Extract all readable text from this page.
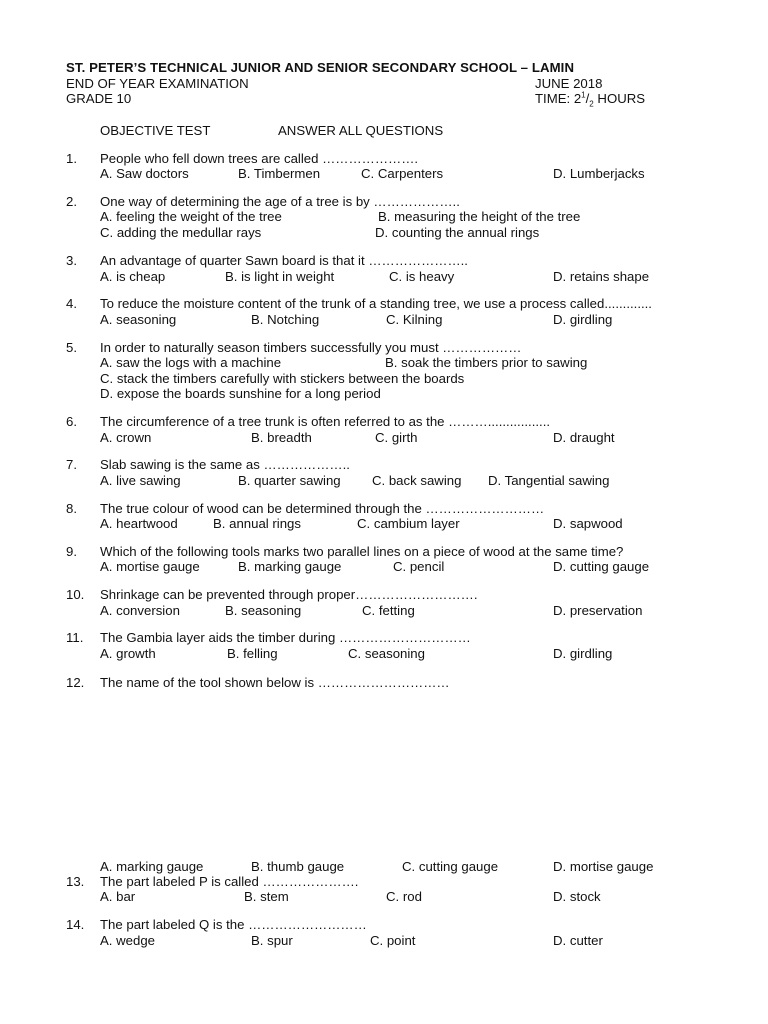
ST. PETER’S TECHNICAL JUNIOR AND SENIOR SECONDARY SCHOOL – LAMIN
END OF YEAR EXAMINATION	JUNE 2018
GRADE 10	TIME: $2^1/_2$ HOURS
OBJECTIVE TEST	ANSWER ALL QUESTIONS
1. People who fell down trees are called ………………….
A. Saw doctors	B. Timbermen	C. Carpenters	D. Lumberjacks
2. One way of determining the age of a tree is by ………………..
A. feeling the weight of the tree	B. measuring the height of the tree
C. adding the medullar rays	D. counting the annual rings
3. An advantage of quarter Sawn board is that it …………………..
A. is cheap	B. is light in weight	C. is heavy	D. retains shape
4. To reduce the moisture content of the trunk of a standing tree, we use a process called.............
A. seasoning	B. Notching	C. Kilning	D. girdling
5. In order to naturally season timbers successfully you must ………………
A. saw the logs with a machine	B. soak the timbers prior to sawing
C. stack the timbers carefully with stickers between the boards
D. expose the boards sunshine for a long period
6. The circumference of a tree trunk is often referred to as the ……….................
A. crown	B. breadth	C. girth	D. draught
7. Slab sawing is the same as ………………..
A. live sawing	B. quarter sawing C. back sawing D. Tangential sawing
8. The true colour of wood can be determined through the ………………………
A. heartwood	B. annual rings	C. cambium layer	D. sapwood
9. Which of the following tools marks two parallel lines on a piece of wood at the same time?
A. mortise gauge	B. marking gauge	C. pencil	D. cutting gauge
10. Shrinkage can be prevented through proper……………………….
A. conversion	B. seasoning	C. fetting	D. preservation
11. The Gambia layer aids the timber during …………………………
A. growth	B. felling	C. seasoning	D. girdling
12. The name of the tool shown below is …………………………
A. marking gauge	B. thumb gauge	C. cutting gauge	D. mortise gauge
13. The part labeled P is called ………………….
A. bar	B. stem	C. rod	D. stock
14. The part labeled Q is the ………………………
A. wedge	B. spur	C. point	D. cutter
